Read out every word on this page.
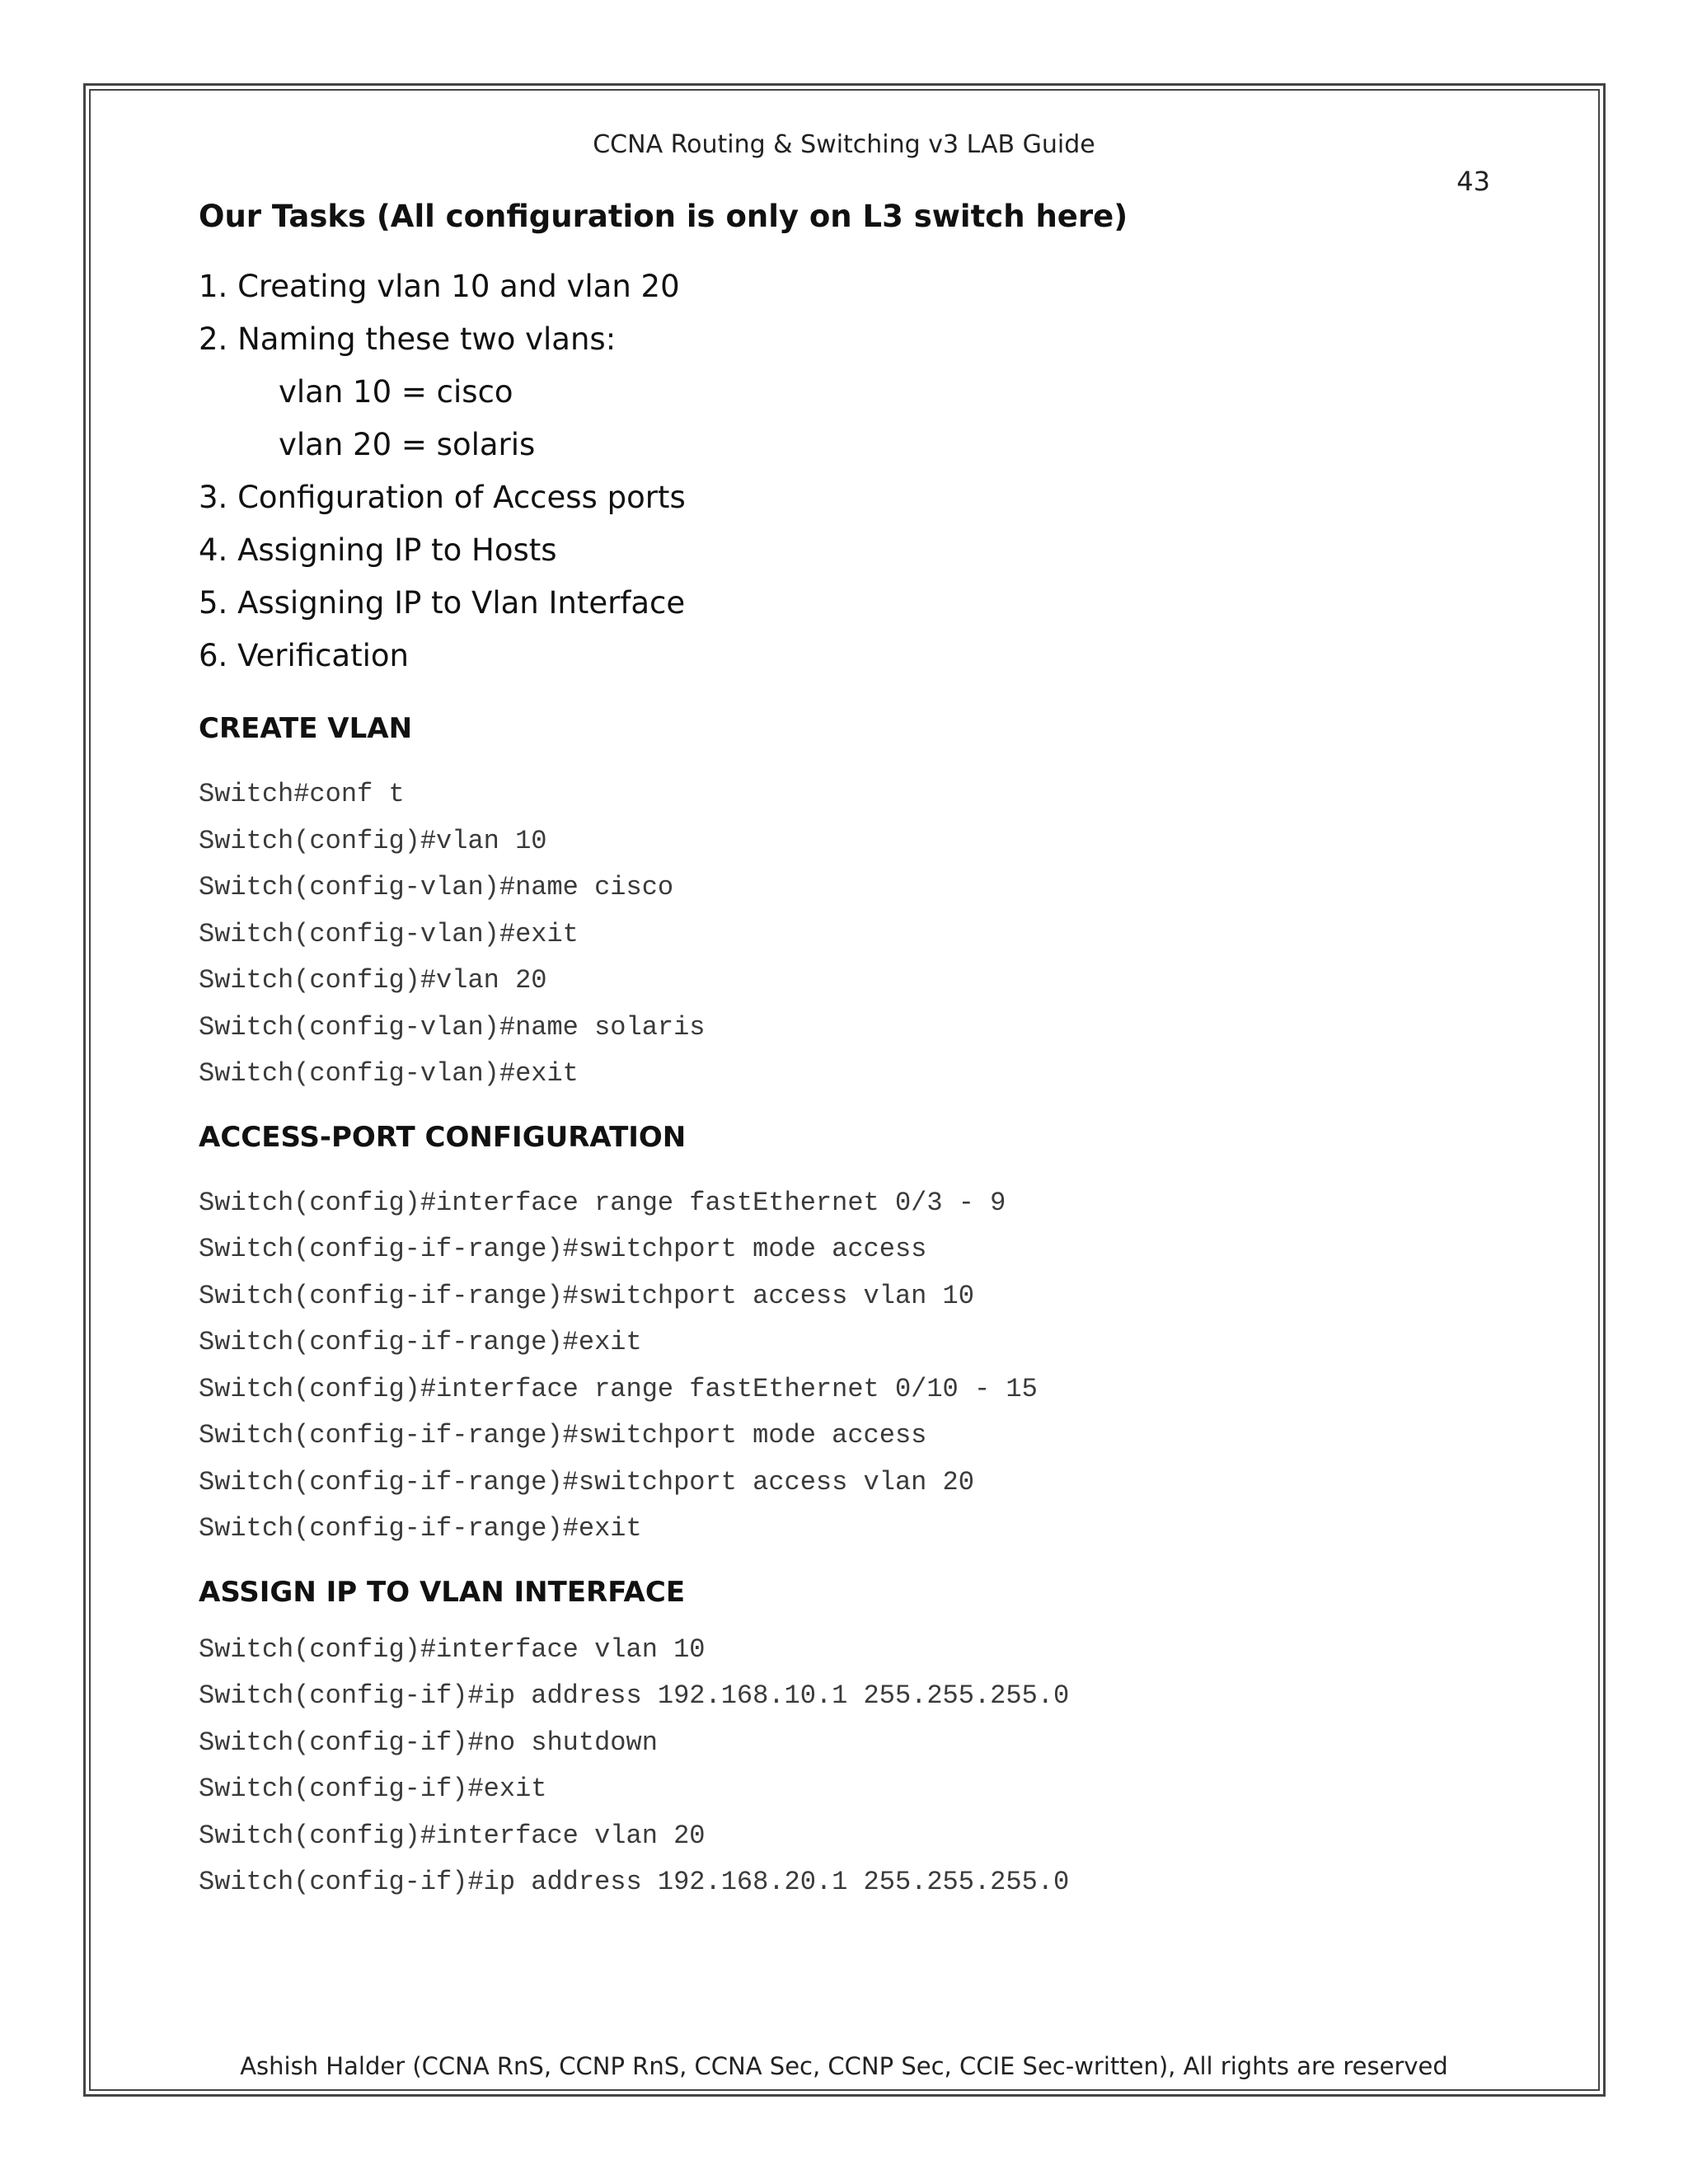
CCNA Routing & Switching v3 LAB Guide
43
Our Tasks (All configuration is only on L3 switch here)
1. Creating vlan 10 and vlan 20
2. Naming these two vlans:
vlan 10 = cisco
vlan 20 = solaris
3. Configuration of Access ports
4. Assigning IP to Hosts
5. Assigning IP to Vlan Interface
6. Verification
CREATE VLAN
Switch#conf t
Switch(config)#vlan 10
Switch(config-vlan)#name cisco
Switch(config-vlan)#exit
Switch(config)#vlan 20
Switch(config-vlan)#name solaris
Switch(config-vlan)#exit
ACCESS-PORT CONFIGURATION
Switch(config)#interface range fastEthernet 0/3 - 9
Switch(config-if-range)#switchport mode access
Switch(config-if-range)#switchport access vlan 10
Switch(config-if-range)#exit
Switch(config)#interface range fastEthernet 0/10 - 15
Switch(config-if-range)#switchport mode access
Switch(config-if-range)#switchport access vlan 20
Switch(config-if-range)#exit
ASSIGN IP TO VLAN INTERFACE
Switch(config)#interface vlan 10
Switch(config-if)#ip address 192.168.10.1 255.255.255.0
Switch(config-if)#no shutdown
Switch(config-if)#exit
Switch(config)#interface vlan 20
Switch(config-if)#ip address 192.168.20.1 255.255.255.0
Ashish Halder (CCNA RnS, CCNP RnS, CCNA Sec, CCNP Sec, CCIE Sec-written), All rights are reserved
